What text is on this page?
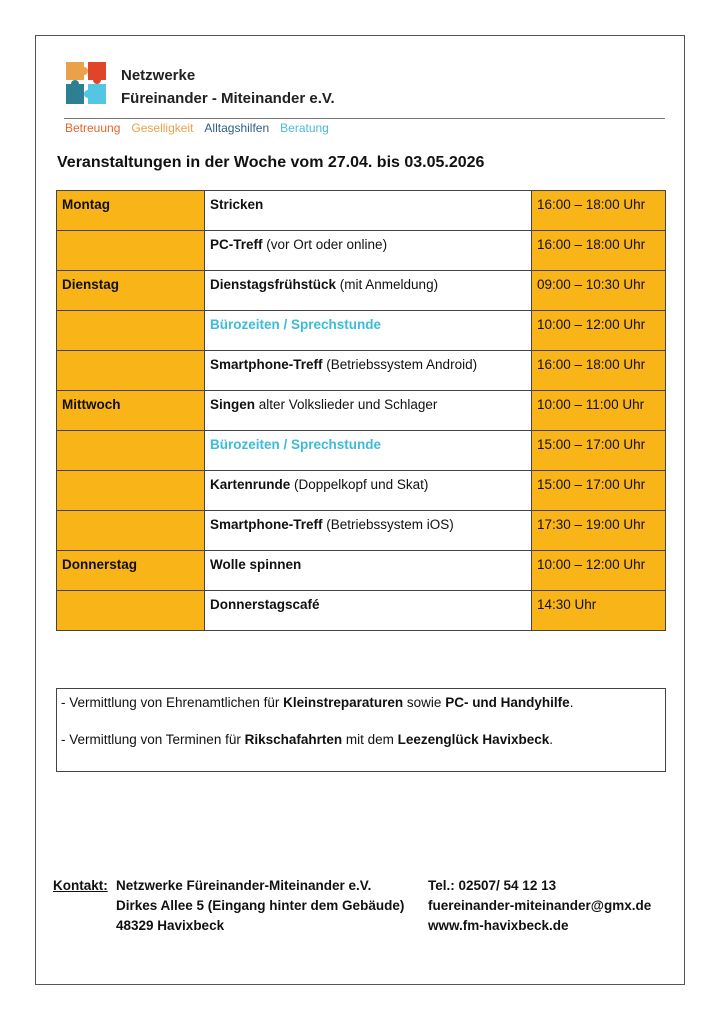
Netzwerke
Füreinander - Miteinander e.V.
Betreuung Geselligkeit Alltagshilfen Beratung
Veranstaltungen in der Woche vom 27.04. bis 03.05.2026
Montag	Stricken	16:00 – 18:00 Uhr
	PC-Treff (vor Ort oder online)	16:00 – 18:00 Uhr
Dienstag	Dienstagsfrühstück (mit Anmeldung)	09:00 – 10:30 Uhr
	Bürozeiten / Sprechstunde	10:00 – 12:00 Uhr
	Smartphone-Treff (Betriebssystem Android)	16:00 – 18:00 Uhr
Mittwoch	Singen alter Volkslieder und Schlager	10:00 – 11:00 Uhr
	Bürozeiten / Sprechstunde	15:00 – 17:00 Uhr
	Kartenrunde (Doppelkopf und Skat)	15:00 – 17:00 Uhr
	Smartphone-Treff (Betriebssystem iOS)	17:30 – 19:00 Uhr
Donnerstag	Wolle spinnen	10:00 – 12:00 Uhr
	Donnerstagscafé	14:30 Uhr

- Vermittlung von Ehrenamtlichen für Kleinstreparaturen sowie PC- und Handyhilfe.

- Vermittlung von Terminen für Rikschafahrten mit dem Leezenglück Havixbeck.

Kontakt: Netzwerke Füreinander-Miteinander e.V.
Dirkes Allee 5 (Eingang hinter dem Gebäude)
48329 Havixbeck
Tel.: 02507/ 54 12 13
fuereinander-miteinander@gmx.de
www.fm-havixbeck.de
